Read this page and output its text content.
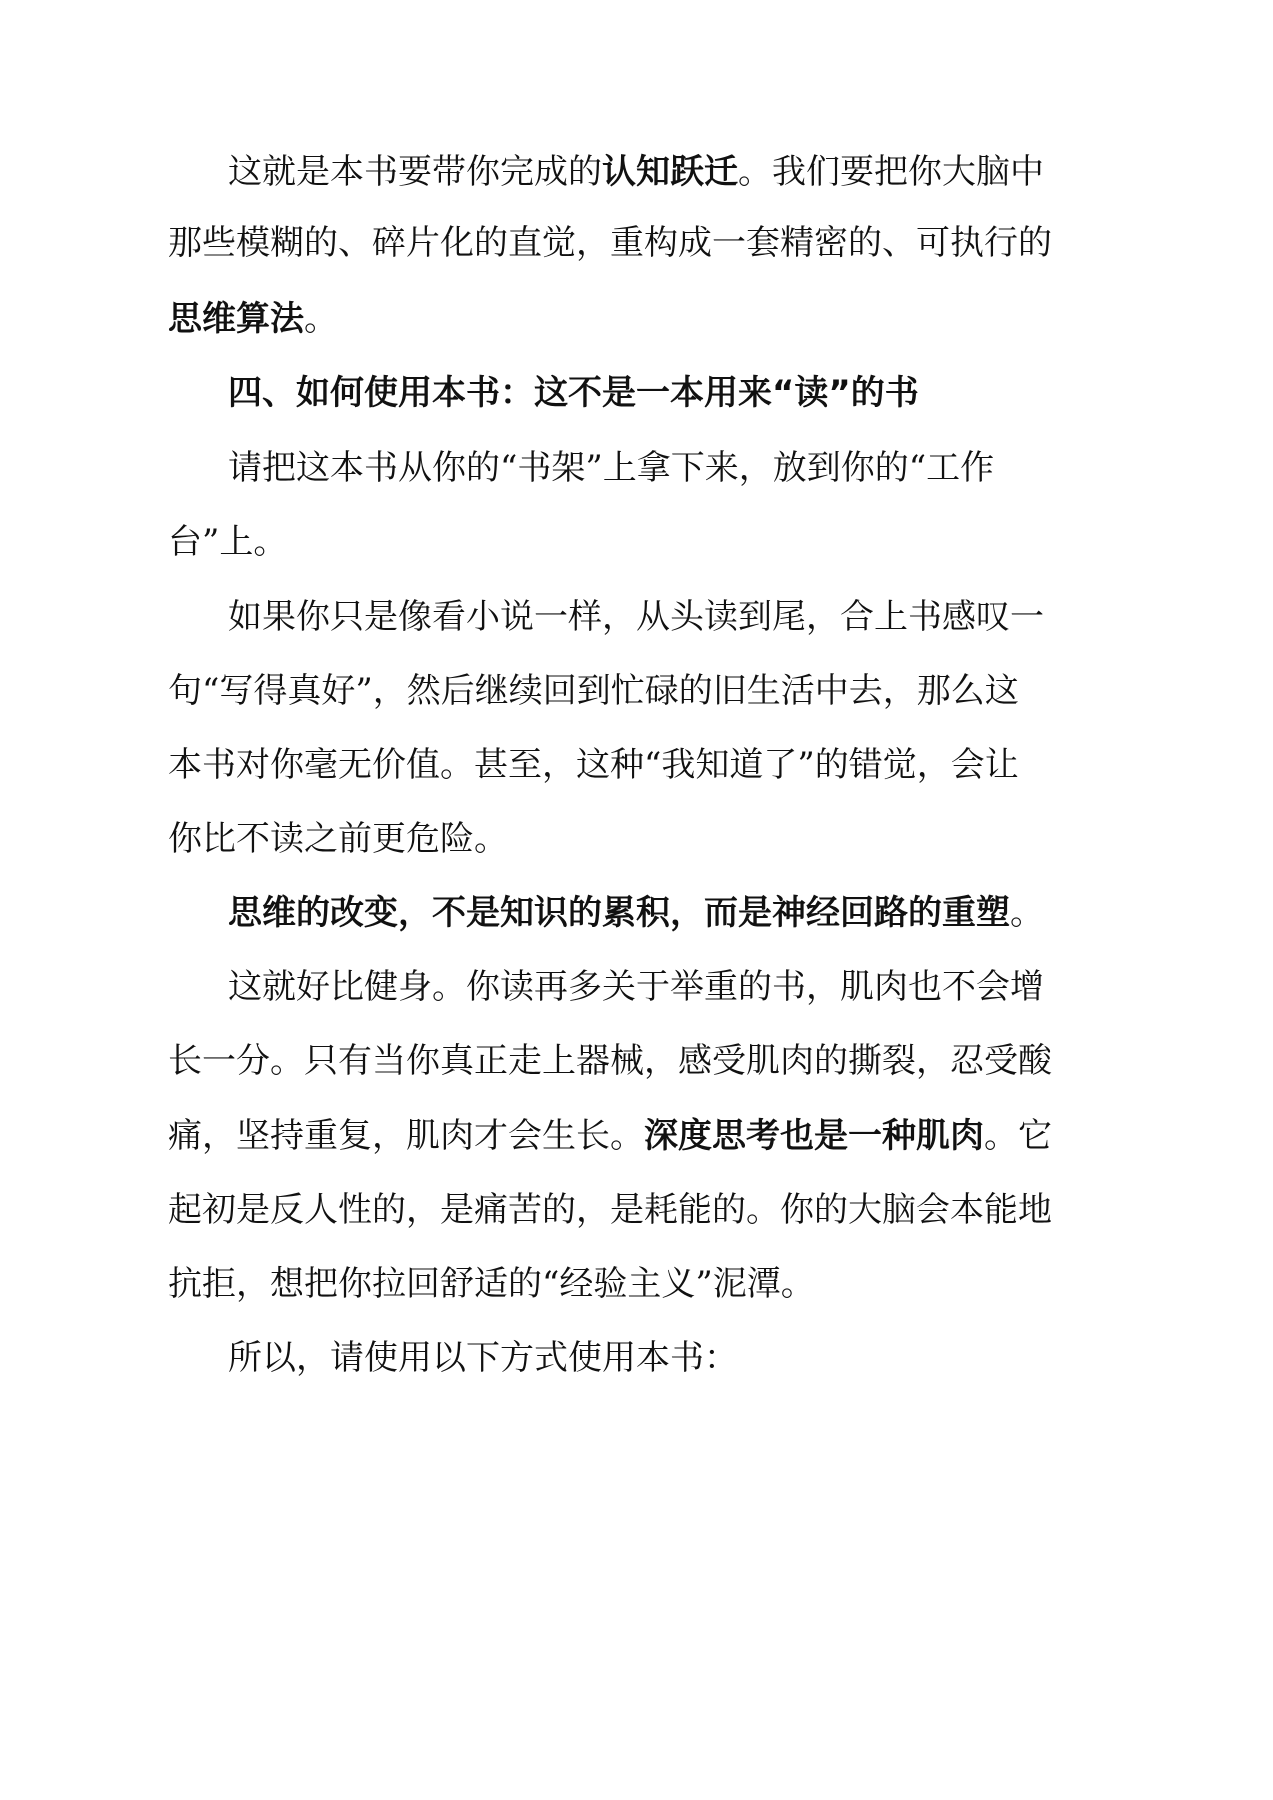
这就是本书要带你完成的认知跃迁。我们要把你大脑中
那些模糊的、碎片化的直觉，重构成一套精密的、可执行的
思维算法。
四、如何使用本书：这不是一本用来“读”的书
请把这本书从你的“书架”上拿下来，放到你的“工作
台”上。
如果你只是像看小说一样，从头读到尾，合上书感叹一
句“写得真好”，然后继续回到忙碌的旧生活中去，那么这
本书对你毫无价值。甚至，这种“我知道了”的错觉，会让
你比不读之前更危险。
思维的改变，不是知识的累积，而是神经回路的重塑。
这就好比健身。你读再多关于举重的书，肌肉也不会增
长一分。只有当你真正走上器械，感受肌肉的撕裂，忍受酸
痛，坚持重复，肌肉才会生长。深度思考也是一种肌肉。它
起初是反人性的，是痛苦的，是耗能的。你的大脑会本能地
抗拒，想把你拉回舒适的“经验主义”泥潭。
所以，请使用以下方式使用本书：
